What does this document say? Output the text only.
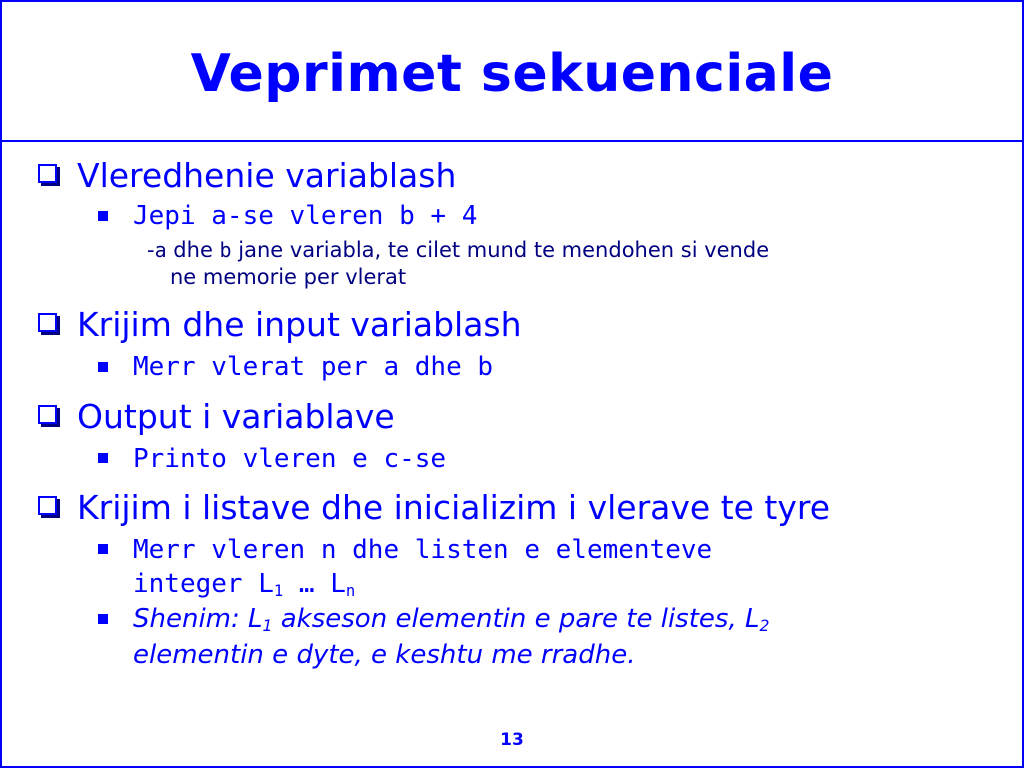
Veprimet sekuenciale
Vleredhenie variablash
Jepi a-se vleren b + 4
-a dhe b jane variabla, te cilet mund te mendohen si vende
ne memorie per vlerat
Krijim dhe input variablash
Merr vlerat per a dhe b
Output i variablave
Printo vleren e c-se
Krijim i listave dhe inicializim i vlerave te tyre
Merr vleren n dhe listen e elementeve
integer $L_1$ … $L_n$
Shenim: $L_1$ akseson elementin e pare te listes, $L_2$
elementin e dyte, e keshtu me rradhe.
13
